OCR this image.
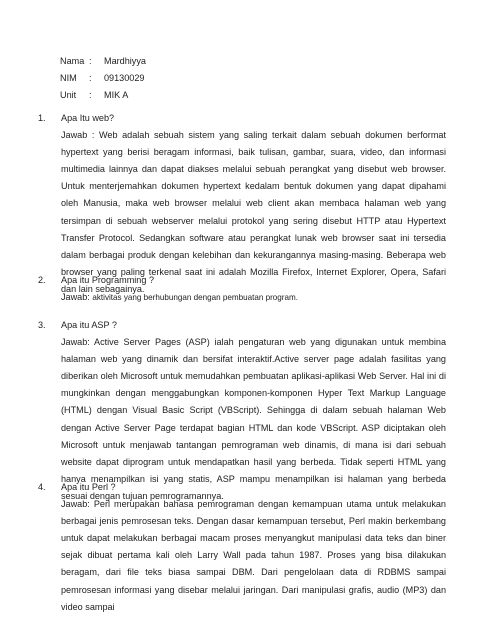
Nama :	Mardhiyya
NIM	:	09130029
Unit	:	MIK A
1.	Apa Itu web?
Jawab : Web adalah sebuah sistem yang saling terkait dalam sebuah dokumen berformat hypertext yang berisi beragam informasi, baik tulisan, gambar, suara, video, dan informasi multimedia lainnya dan dapat diakses melalui sebuah perangkat yang disebut web browser. Untuk menterjemahkan dokumen hypertext kedalam bentuk dokumen yang dapat dipahami oleh Manusia, maka web browser melalui web client akan membaca halaman web yang tersimpan di sebuah webserver melalui protokol yang sering disebut HTTP atau Hypertext Transfer Protocol. Sedangkan software atau perangkat lunak web browser saat ini tersedia dalam berbagai produk dengan kelebihan dan kekurangannya masing-masing. Beberapa web browser yang paling terkenal saat ini adalah Mozilla Firefox, Internet Explorer, Opera, Safari dan lain sebagainya.
2.	Apa itu Programming ?
Jawab: aktivitas yang berhubungan dengan pembuatan program.
3.	Apa itu ASP ?
Jawab: Active Server Pages (ASP) ialah pengaturan web yang digunakan untuk membina halaman web yang dinamik dan bersifat interaktif.Active server page adalah fasilitas yang diberikan oleh Microsoft untuk memudahkan pembuatan aplikasi-aplikasi Web Server. Hal ini di mungkinkan dengan menggabungkan komponen-komponen Hyper Text Markup Language (HTML) dengan Visual Basic Script (VBScript). Sehingga di dalam sebuah halaman Web dengan Active Server Page terdapat bagian HTML dan kode VBScript. ASP diciptakan oleh Microsoft untuk menjawab tantangan pemrograman web dinamis, di mana isi dari sebuah website dapat diprogram untuk mendapatkan hasil yang berbeda. Tidak seperti HTML yang hanya menampilkan isi yang statis, ASP mampu menampilkan isi halaman yang berbeda sesuai dengan tujuan pemrogramannya.
4.	Apa itu Perl ?
Jawab: Perl merupakan bahasa pemrograman dengan kemampuan utama untuk melakukan berbagai jenis pemrosesan teks. Dengan dasar kemampuan tersebut, Perl makin berkembang untuk dapat melakukan berbagai macam proses menyangkut manipulasi data teks dan biner sejak dibuat pertama kali oleh Larry Wall pada tahun 1987. Proses yang bisa dilakukan beragam, dari file teks biasa sampai DBM. Dari pengelolaan data di RDBMS sampai pemrosesan informasi yang disebar melalui jaringan. Dari manipulasi grafis, audio (MP3) dan video sampai
